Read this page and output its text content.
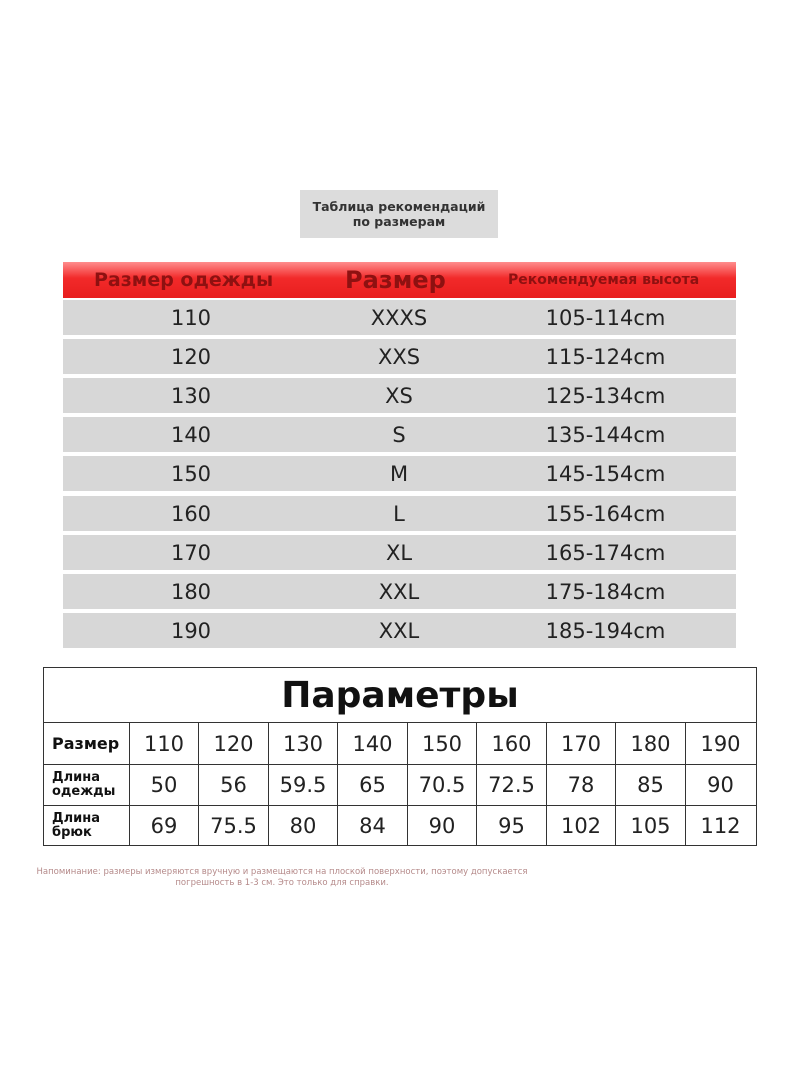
Таблица рекомендаций
по размерам
Размер одежды	Размер	Рекомендуемая высота
110	XXXS	105-114cm
120	XXS	115-124cm
130	XS	125-134cm
140	S	135-144cm
150	M	145-154cm
160	L	155-164cm
170	XL	165-174cm
180	XXL	175-184cm
190	XXL	185-194cm
Параметры
Размер	110	120	130	140	150	160	170	180	190
Длина
одежды	50	56	59.5	65	70.5	72.5	78	85	90
Длина
брюк	69	75.5	80	84	90	95	102	105	112
Напоминание: размеры измеряются вручную и размещаются на плоской поверхности, поэтому допускается
погрешность в 1-3 см. Это только для справки.
